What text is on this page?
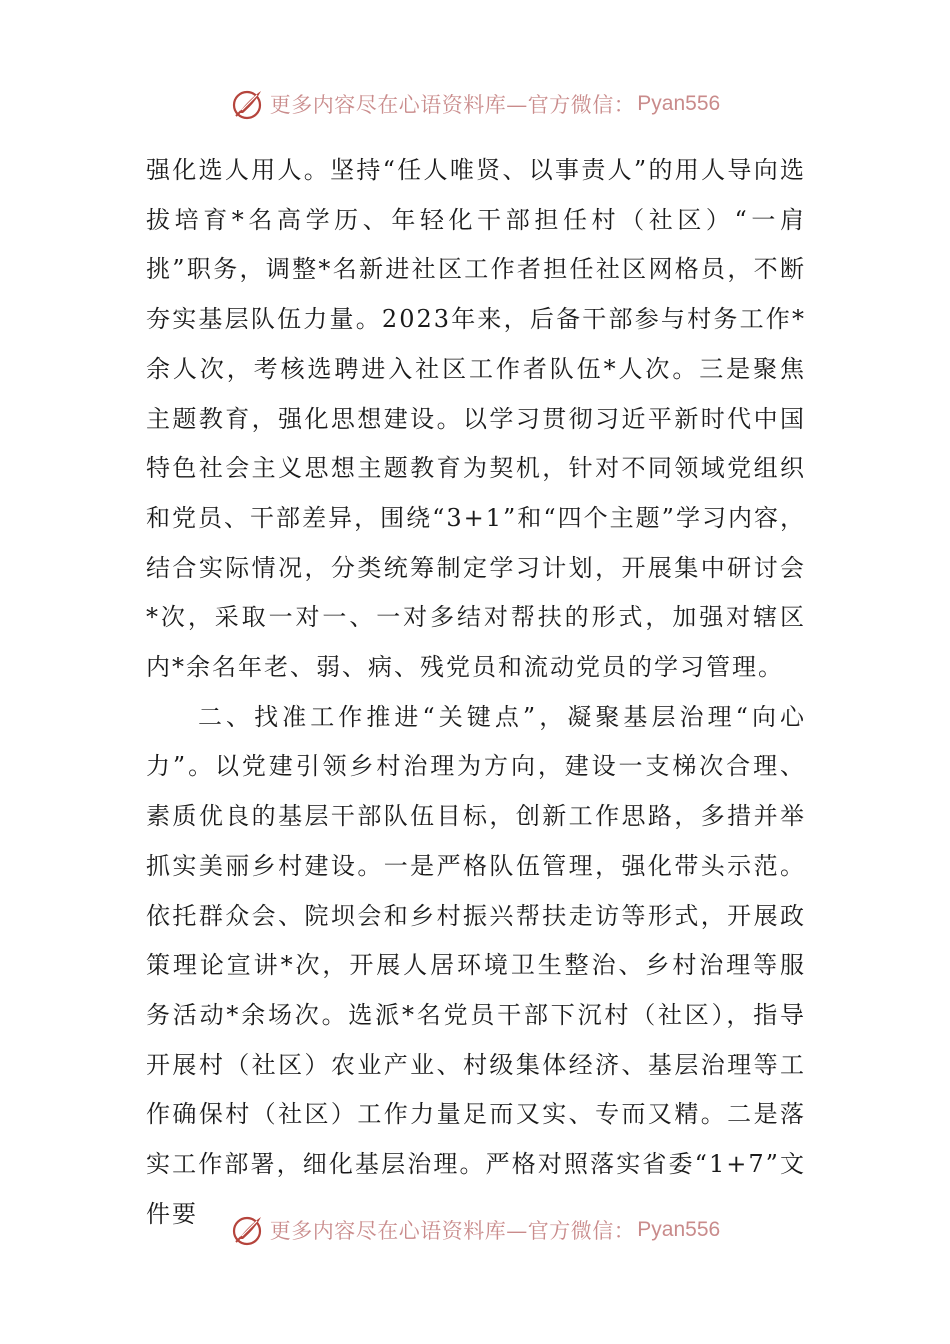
更多内容尽在心语资料库—官方微信： Pyan556

强化选人用人。坚持“任人唯贤、以事责人”的用人导向选拔培育*名高学历、年轻化干部担任村（社区）“一肩挑”职务，调整*名新进社区工作者担任社区网格员，不断夯实基层队伍力量。2023年来，后备干部参与村务工作*余人次，考核选聘进入社区工作者队伍*人次。三是聚焦主题教育，强化思想建设。以学习贯彻习近平新时代中国特色社会主义思想主题教育为契机，针对不同领域党组织和党员、干部差异，围绕“3+1”和“四个主题”学习内容，结合实际情况，分类统筹制定学习计划，开展集中研讨会*次，采取一对一、一对多结对帮扶的形式，加强对辖区内*余名年老、弱、病、残党员和流动党员的学习管理。

二、找准工作推进“关键点”，凝聚基层治理“向心力”。以党建引领乡村治理为方向，建设一支梯次合理、素质优良的基层干部队伍目标，创新工作思路，多措并举抓实美丽乡村建设。一是严格队伍管理，强化带头示范。依托群众会、院坝会和乡村振兴帮扶走访等形式，开展政策理论宣讲*次，开展人居环境卫生整治、乡村治理等服务活动*余场次。选派*名党员干部下沉村（社区），指导开展村（社区）农业产业、村级集体经济、基层治理等工作确保村（社区）工作力量足而又实、专而又精。二是落实工作部署，细化基层治理。严格对照落实省委“1+7”文件要

更多内容尽在心语资料库—官方微信： Pyan556
